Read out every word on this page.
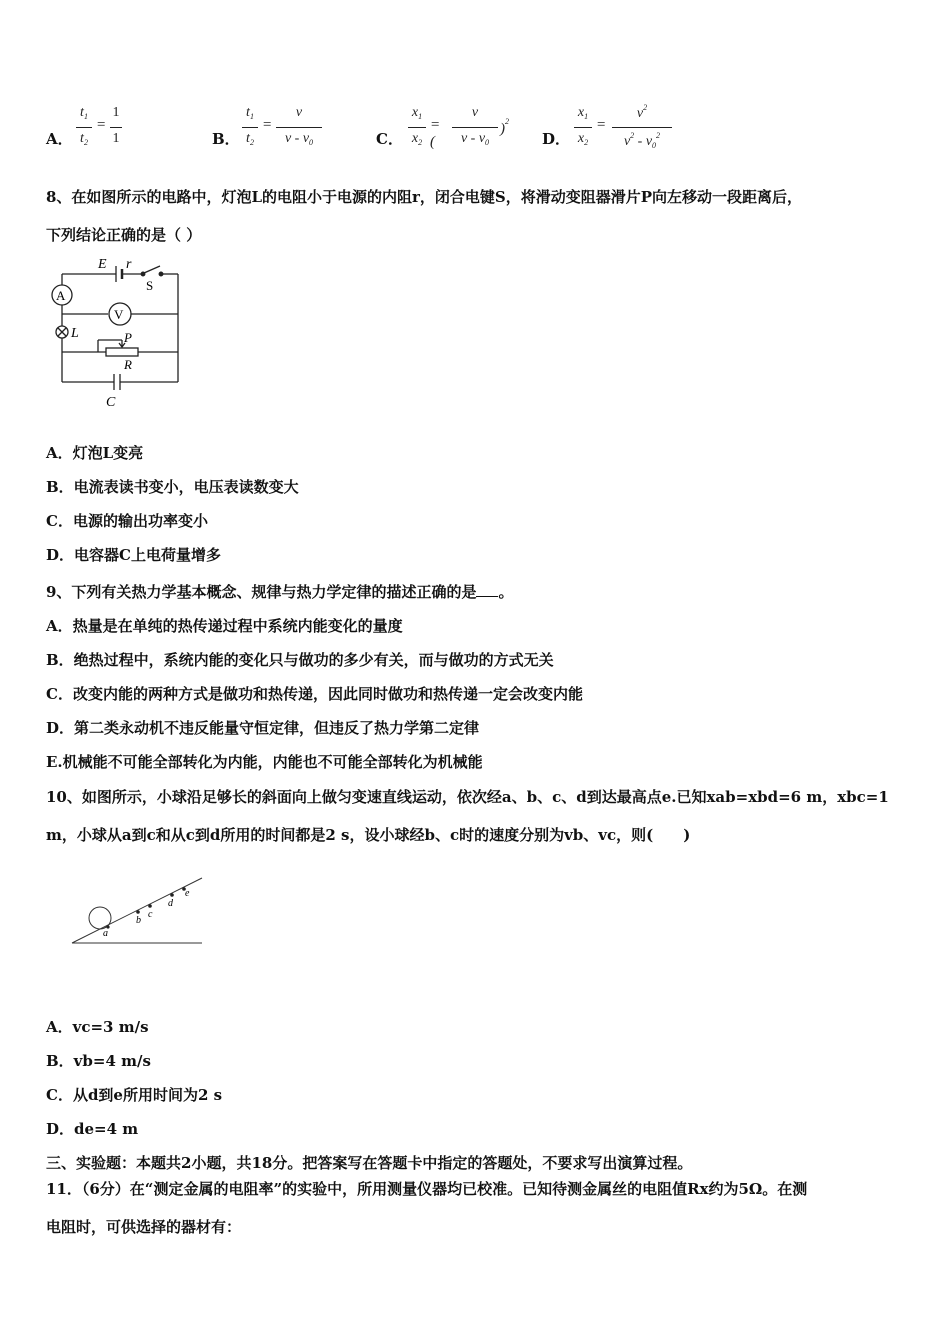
A．
$t_1$
$t_2$
=
1
1	B．
$t_1$
$t_2$
=
v
v - $v_0$	C．
$x_1$
$x_2$
=(
v
v - $v_0$
)$^2$
D．
$x_1$
$x_2$
=
$v^2$
$v^2 - v_0^2$
8、在如图所示的电路中，灯泡L的电阻小于电源的内阻r，闭合电键S，将滑动变阻器滑片P向左移动一段距离后，
下列结论正确的是（ ）
E r
S
A
V
L	P
R
C
A．灯泡L变亮
B．电流表读书变小，电压表读数变大
C．电源的输出功率变小
D．电容器C上电荷量增多
9、下列有关热力学基本概念、规律与热力学定律的描述正确的是 。
A．热量是在单纯的热传递过程中系统内能变化的量度
B．绝热过程中，系统内能的变化只与做功的多少有关，而与做功的方式无关
C．改变内能的两种方式是做功和热传递，因此同时做功和热传递一定会改变内能
D．第二类永动机不违反能量守恒定律，但违反了热力学第二定律
E.机械能不可能全部转化为内能，内能也不可能全部转化为机械能
10、如图所示，小球沿足够长的斜面向上做匀变速直线运动，依次经a、b、c、d到达最高点e.已知xab=xbd=6 m，xbc=1
m，小球从a到c和从c到d所用的时间都是2 s，设小球经b、c时的速度分别为vb、vc，则(　　)
a
b
c
d
e
A．vc=3 m/s
B．vb=4 m/s
C．从d到e所用时间为2 s
D．de=4 m
三、实验题：本题共2小题，共18分。把答案写在答题卡中指定的答题处，不要求写出演算过程。
11．（6分）在“测定金属的电阻率”的实验中，所用测量仪器均已校准。已知待测金属丝的电阻值Rx约为5Ω。在测
电阻时，可供选择的器材有：
